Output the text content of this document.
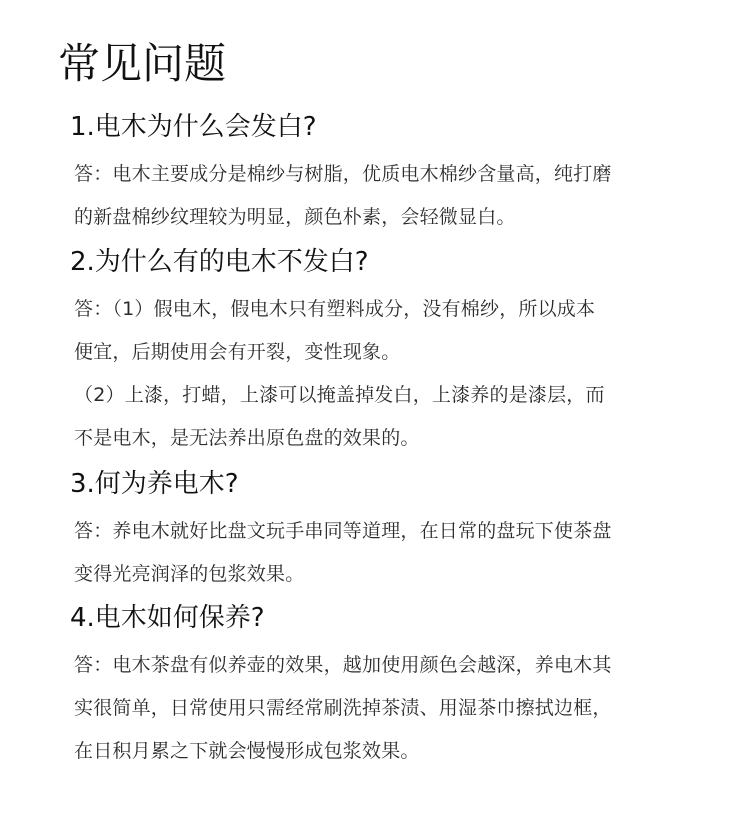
常见问题
1.电木为什么会发白?
答：电木主要成分是棉纱与树脂，优质电木棉纱含量高，纯打磨
的新盘棉纱纹理较为明显，颜色朴素，会轻微显白。
2.为什么有的电木不发白?
答：（1）假电木，假电木只有塑料成分，没有棉纱，所以成本
便宜，后期使用会有开裂，变性现象。
（2）上漆，打蜡，上漆可以掩盖掉发白，上漆养的是漆层，而
不是电木，是无法养出原色盘的效果的。
3.何为养电木?
答：养电木就好比盘文玩手串同等道理，在日常的盘玩下使茶盘
变得光亮润泽的包浆效果。
4.电木如何保养?
答：电木茶盘有似养壶的效果，越加使用颜色会越深，养电木其
实很简单，日常使用只需经常刷洗掉茶渍、用湿茶巾擦拭边框，
在日积月累之下就会慢慢形成包浆效果。
